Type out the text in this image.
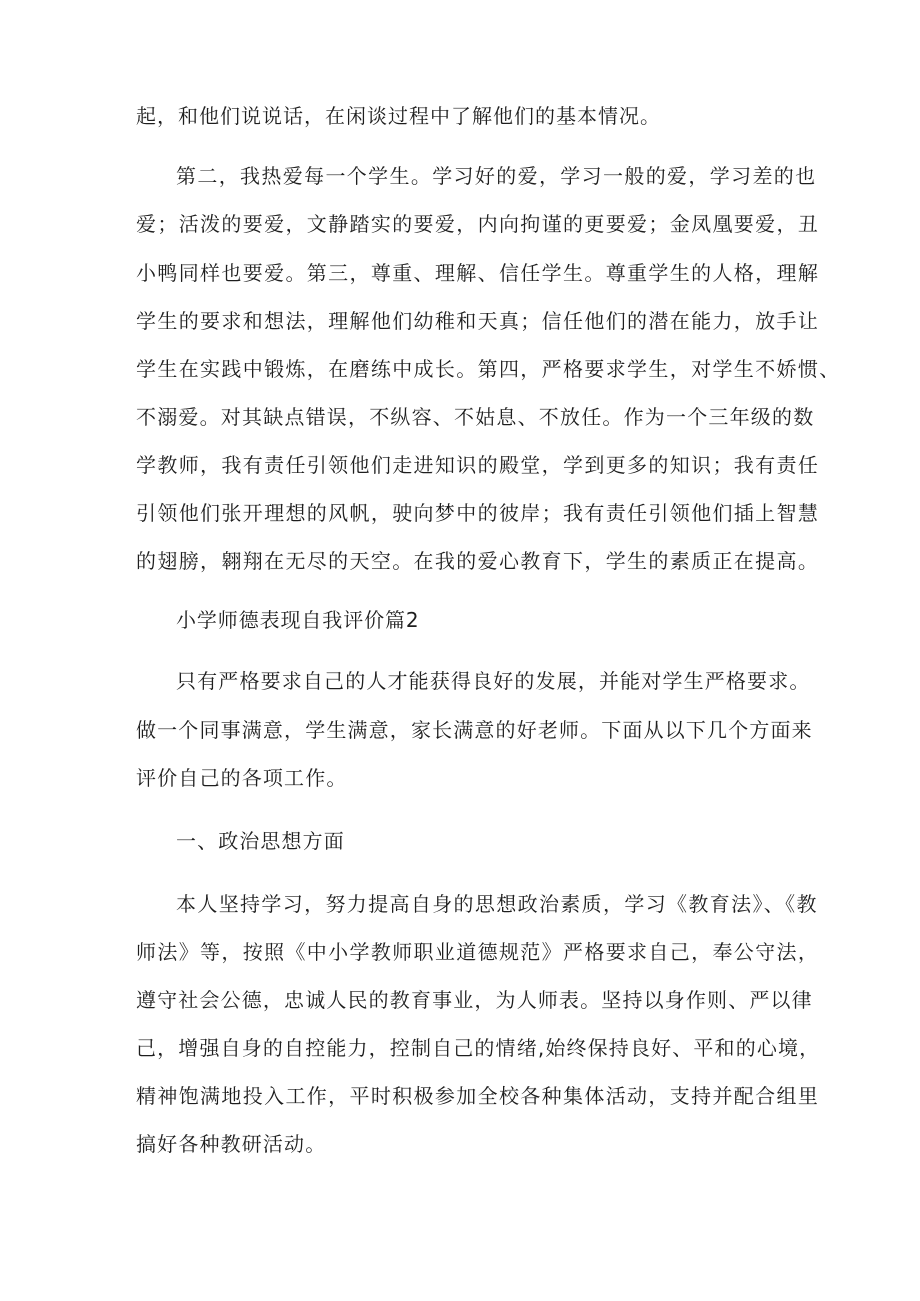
起，和他们说说话，在闲谈过程中了解他们的基本情况。

第二，我热爱每一个学生。学习好的爱，学习一般的爱，学习差的也

爱；活泼的要爱，文静踏实的要爱，内向拘谨的更要爱；金凤凰要爱，丑

小鸭同样也要爱。第三，尊重、理解、信任学生。尊重学生的人格，理解

学生的要求和想法，理解他们幼稚和天真；信任他们的潜在能力，放手让

学生在实践中锻炼，在磨练中成长。第四，严格要求学生，对学生不娇惯、

不溺爱。对其缺点错误，不纵容、不姑息、不放任。作为一个三年级的数

学教师，我有责任引领他们走进知识的殿堂，学到更多的知识；我有责任

引领他们张开理想的风帆，驶向梦中的彼岸；我有责任引领他们插上智慧

的翅膀，翱翔在无尽的天空。在我的爱心教育下，学生的素质正在提高。

小学师德表现自我评价篇2

只有严格要求自己的人才能获得良好的发展，并能对学生严格要求。

做一个同事满意，学生满意，家长满意的好老师。下面从以下几个方面来

评价自己的各项工作。

一、政治思想方面

本人坚持学习，努力提高自身的思想政治素质，学习《教育法》、《教

师法》等，按照《中小学教师职业道德规范》严格要求自己，奉公守法，

遵守社会公德，忠诚人民的教育事业，为人师表。坚持以身作则、严以律

己，增强自身的自控能力，控制自己的情绪,始终保持良好、平和的心境，

精神饱满地投入工作，平时积极参加全校各种集体活动，支持并配合组里

搞好各种教研活动。
